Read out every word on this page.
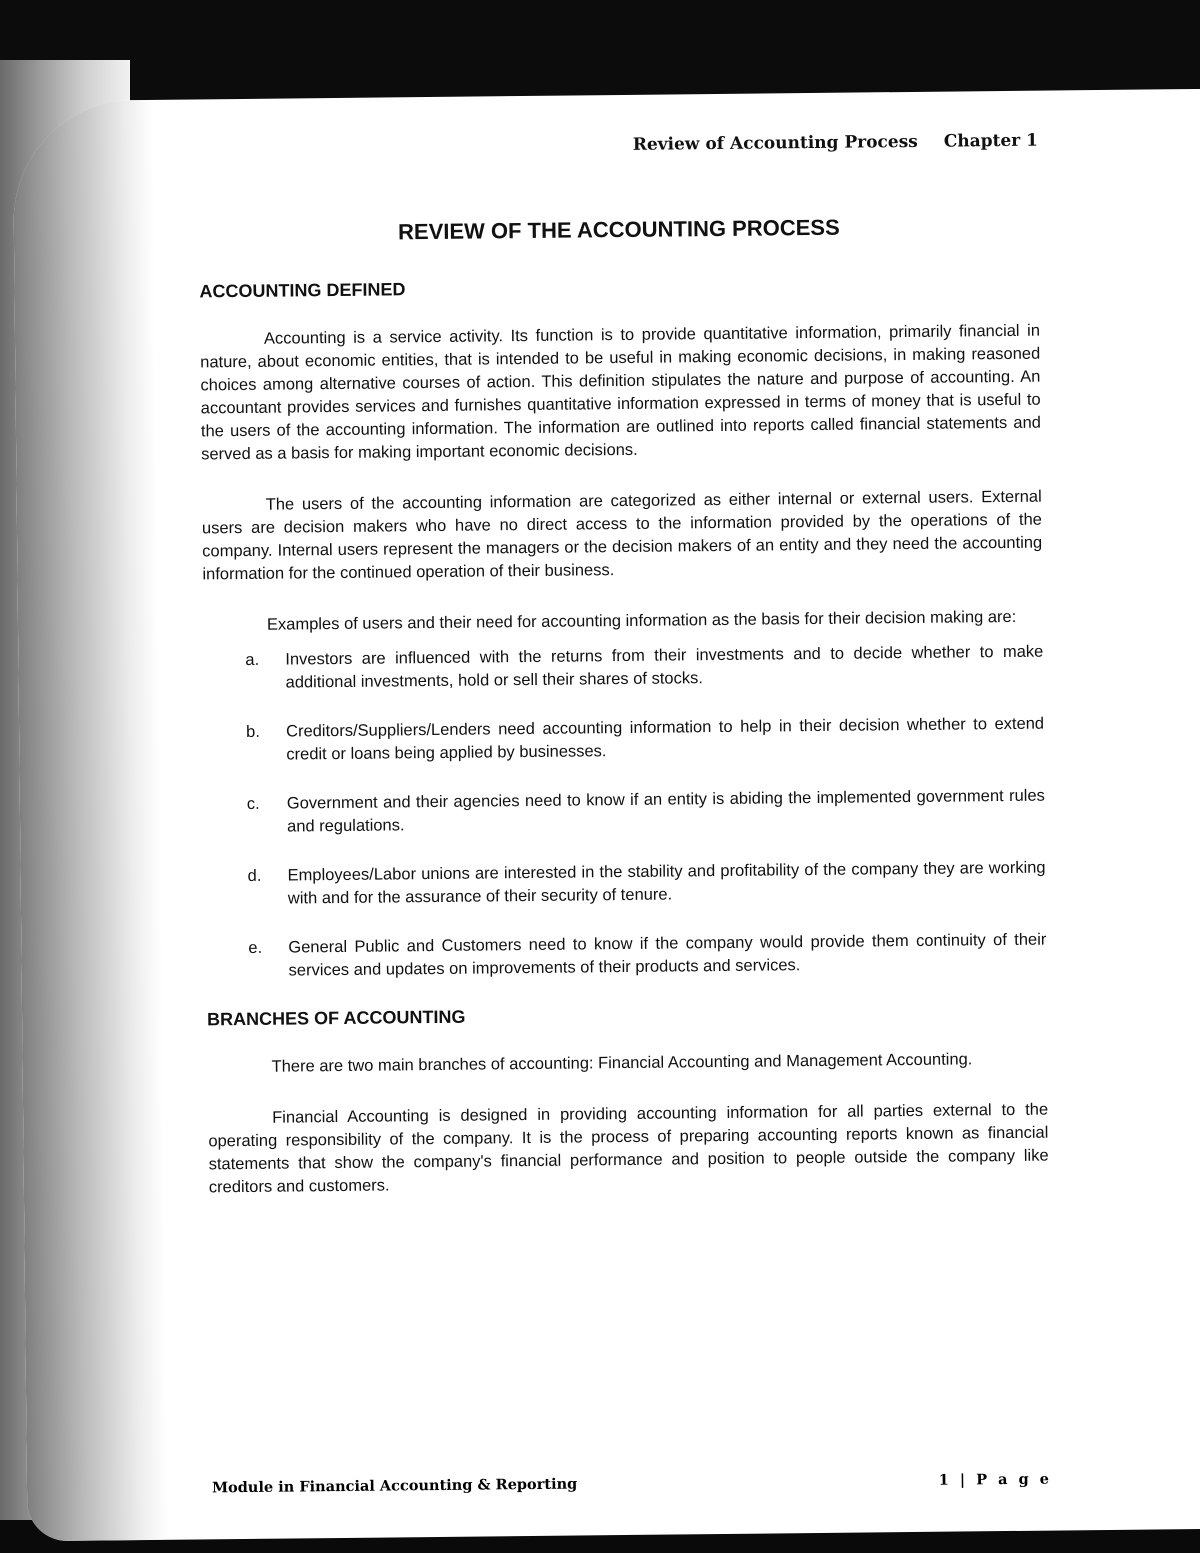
Review of Accounting Process Chapter 1
REVIEW OF THE ACCOUNTING PROCESS
ACCOUNTING DEFINED

Accounting is a service activity. Its function is to provide quantitative information, primarily financial in nature, about economic entities, that is intended to be useful in making economic decisions, in making reasoned choices among alternative courses of action. This definition stipulates the nature and purpose of accounting. An accountant provides services and furnishes quantitative information expressed in terms of money that is useful to the users of the accounting information. The information are outlined into reports called financial statements and served as a basis for making important economic decisions.

The users of the accounting information are categorized as either internal or external users. External users are decision makers who have no direct access to the information provided by the operations of the company. Internal users represent the managers or the decision makers of an entity and they need the accounting information for the continued operation of their business.

Examples of users and their need for accounting information as the basis for their decision making are:

a. Investors are influenced with the returns from their investments and to decide whether to make additional investments, hold or sell their shares of stocks.
b. Creditors/Suppliers/Lenders need accounting information to help in their decision whether to extend credit or loans being applied by businesses.
c. Government and their agencies need to know if an entity is abiding the implemented government rules and regulations.
d. Employees/Labor unions are interested in the stability and profitability of the company they are working with and for the assurance of their security of tenure.
e. General Public and Customers need to know if the company would provide them continuity of their services and updates on improvements of their products and services.
BRANCHES OF ACCOUNTING

There are two main branches of accounting: Financial Accounting and Management Accounting.

Financial Accounting is designed in providing accounting information for all parties external to the operating responsibility of the company. It is the process of preparing accounting reports known as financial statements that show the company's financial performance and position to people outside the company like creditors and customers.

Module in Financial Accounting & Reporting	1 | P a g e
